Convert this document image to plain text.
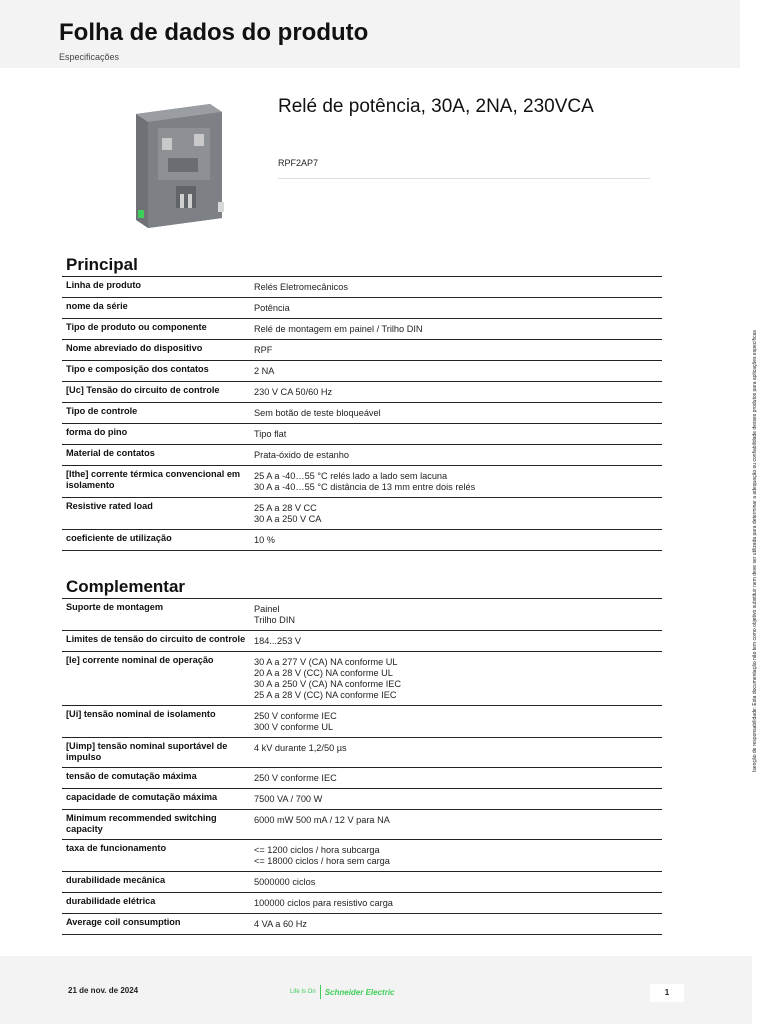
Folha de dados do produto
Especificações
Relé de potência, 30A, 2NA, 230VCA
RPF2AP7
Principal
Linha de produto	Relés Eletromecânicos

nome da série	Potência

Tipo de produto ou componente	Relé de montagem em painel / Trilho DIN

Nome abreviado do dispositivo	RPF

Tipo e composição dos contatos	2 NA

[Uc] Tensão do circuito de controle	230 V CA 50/60 Hz

Tipo de controle	Sem botão de teste bloqueável

forma do pino	Tipo flat

Material de contatos	Prata-óxido de estanho

[Ithe] corrente térmica convencional em isolamento	25 A a -40…55 °C relés lado a lado sem lacuna
30 A a -40…55 °C distância de 13 mm entre dois relés

Resistive rated load	25 A a 28 V CC
30 A a 250 V CA

coeficiente de utilização	10 %
Complementar
Suporte de montagem	Painel
Trilho DIN

Limites de tensão do circuito de controle	184...253 V

[Ie] corrente nominal de operação	30 A a 277 V (CA) NA conforme UL
20 A a 28 V (CC) NA conforme UL
30 A a 250 V (CA) NA conforme IEC
25 A a 28 V (CC) NA conforme IEC

[Ui] tensão nominal de isolamento	250 V conforme IEC
300 V conforme UL

[Uimp] tensão nominal suportável de impulso	4 kV durante 1,2/50 µs

tensão de comutação máxima	250 V conforme IEC

capacidade de comutação máxima	7500 VA / 700 W

Minimum recommended switching capacity	6000 mW 500 mA / 12 V para NA

taxa de funcionamento	<= 1200 ciclos / hora subcarga
<= 18000 ciclos / hora sem carga

durabilidade mecânica	5000000 ciclos

durabilidade elétrica	100000 ciclos para resistivo carga

Average coil consumption	4 VA a 60 Hz
Isenção de responsabilidade: Esta documentação não tem como objetivo substituir nem deve ser utilizada para determinar a adequação ou confiabilidade desses produtos para aplicações específicas
21 de nov. de 2024	Life Is On Schneider Electric	1
